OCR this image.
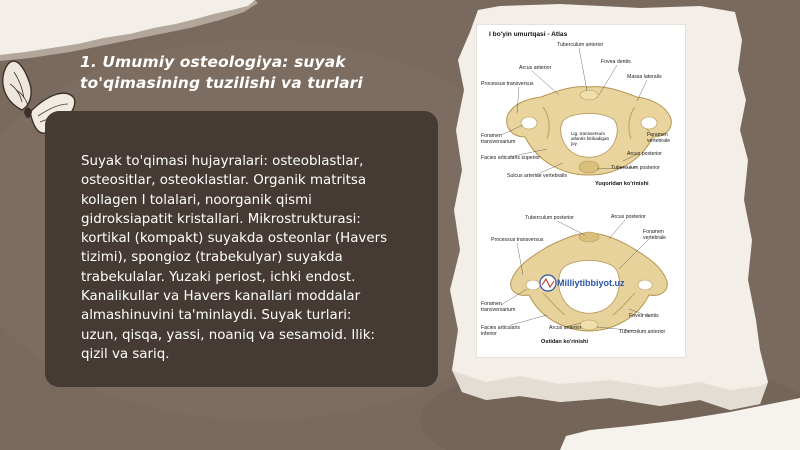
1. Umumiy osteologiya: suyak
to'qimasining tuzilishi va turlari
Suyak to'qimasi hujayralari: osteoblastlar,
osteositlar, osteoklastlar. Organik matritsa
kollagen I tolalari, noorganik qismi
gidroksiapatit kristallari. Mikrostrukturasi:
kortikal (kompakt) suyakda osteonlar (Havers
tizimi), spongioz (trabekulyar) suyakda
trabekulalar. Yuzaki periost, ichki endost.
Kanalikullar va Havers kanallari moddalar
almashinuvini ta'minlaydi. Suyak turlari:
uzun, qisqa, yassi, noaniq va sesamoid. Ilik:
qizil va sariq.
I bo'yin umurtqasi - Atlas
Lig. transversum
atlantis birikadigan
joy
Tuberculum anterior
Fovea dentis
Arcus anterior
Massa lateralis
Processus transversus
Foramen
transversarium
Foramen
vertebrale
Facies articularis superior
Arcus posterior
Tuberculum posterior
Sulcus arteriae vertebralis
Yuqoridan ko'rinishi
Milliytibbiyot.uz
Tuberculum posterior	Arcus posterior
Processus transversus
Foramen
vertebrale
Foramen
transversarium
Fovea dentis
Facies articularis
inferior
Arcus anterior
Tuberculum anterior
Ostidan ko'rinishi
